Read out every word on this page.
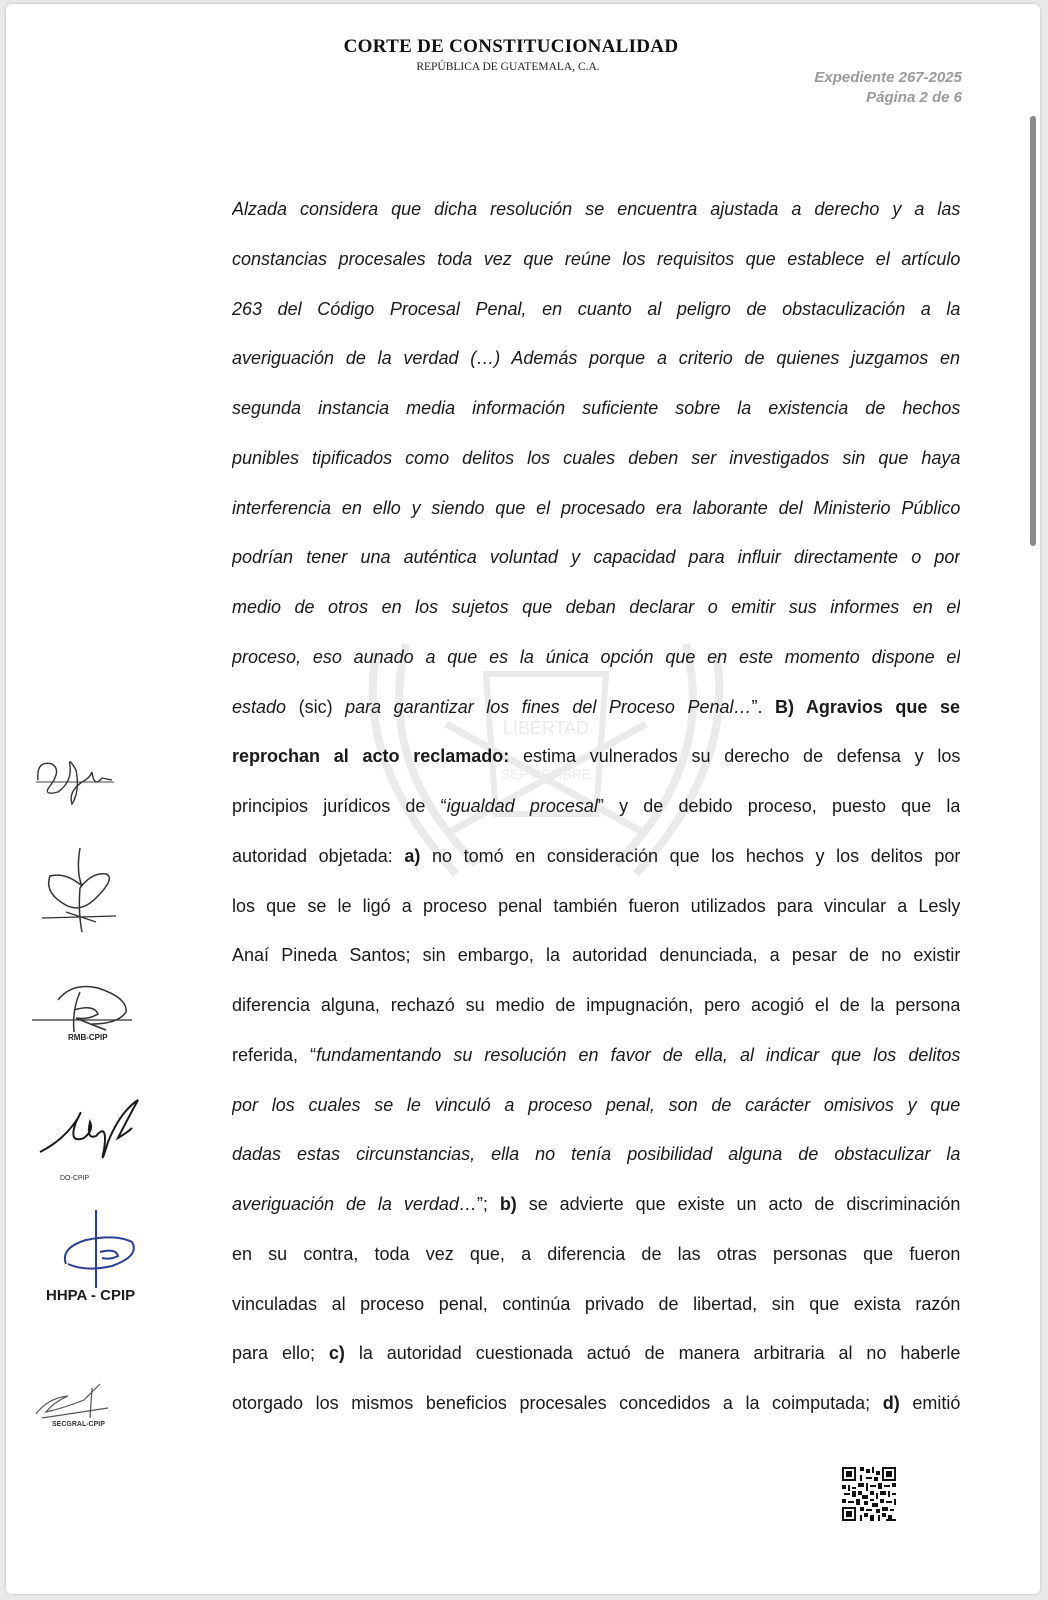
CORTE DE CONSTITUCIONALIDAD
REPÚBLICA DE GUATEMALA, C.A.
Expediente 267-2025
Página 2 de 6
LIBERTAD
SEPTIEMBRE
Alzada considera que dicha resolución se encuentra ajustada a derecho y a las
constancias procesales toda vez que reúne los requisitos que establece el artículo
263 del Código Procesal Penal, en cuanto al peligro de obstaculización a la
averiguación de la verdad (…) Además porque a criterio de quienes juzgamos en
segunda instancia media información suficiente sobre la existencia de hechos
punibles tipificados como delitos los cuales deben ser investigados sin que haya
interferencia en ello y siendo que el procesado era laborante del Ministerio Público
podrían tener una auténtica voluntad y capacidad para influir directamente o por
medio de otros en los sujetos que deban declarar o emitir sus informes en el
proceso, eso aunado a que es la única opción que en este momento dispone el
estado (sic) para garantizar los fines del Proceso Penal…”. B) Agravios que se
reprochan al acto reclamado: estima vulnerados su derecho de defensa y los
principios jurídicos de “igualdad procesal” y de debido proceso, puesto que la
autoridad objetada: a) no tomó en consideración que los hechos y los delitos por
los que se le ligó a proceso penal también fueron utilizados para vincular a Lesly
Anaí Pineda Santos; sin embargo, la autoridad denunciada, a pesar de no existir
diferencia alguna, rechazó su medio de impugnación, pero acogió el de la persona
referida, “fundamentando su resolución en favor de ella, al indicar que los delitos
por los cuales se le vinculó a proceso penal, son de carácter omisivos y que
dadas estas circunstancias, ella no tenía posibilidad alguna de obstaculizar la
averiguación de la verdad…”; b) se advierte que existe un acto de discriminación
en su contra, toda vez que, a diferencia de las otras personas que fueron
vinculadas al proceso penal, continúa privado de libertad, sin que exista razón
para ello; c) la autoridad cuestionada actuó de manera arbitraria al no haberle
otorgado los mismos beneficios procesales concedidos a la coimputada; d) emitió
RMB-CPIP
DO-CPIP
HHPA - CPIP
SECGRAL-CPIP
